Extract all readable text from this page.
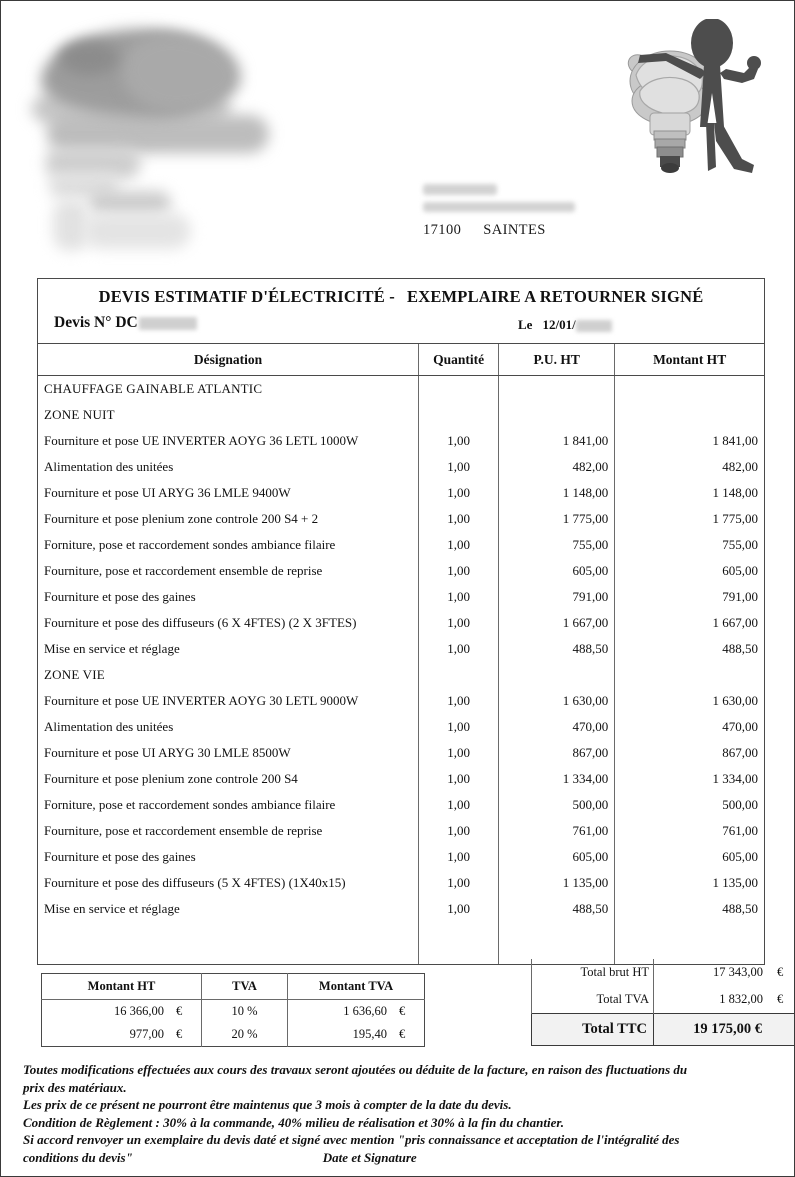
17100 SAINTES
DEVIS ESTIMATIF D'ÉLECTRICITÉ - EXEMPLAIRE A RETOURNER SIGNÉ
Devis N° DC	Le 12/01/
Désignation	Quantité	P.U. HT	Montant HT
CHAUFFAGE GAINABLE ATLANTIC			
ZONE NUIT			
Fourniture et pose UE INVERTER AOYG 36 LETL 1000W	1,00	1 841,00	1 841,00
Alimentation des unitées	1,00	482,00	482,00
Fourniture et pose UI ARYG 36 LMLE 9400W	1,00	1 148,00	1 148,00
Fourniture et pose plenium zone controle 200 S4 + 2	1,00	1 775,00	1 775,00
Forniture, pose et raccordement sondes ambiance filaire	1,00	755,00	755,00
Fourniture, pose et raccordement ensemble de reprise	1,00	605,00	605,00
Fourniture et pose des gaines	1,00	791,00	791,00
Fourniture et pose des diffuseurs (6 X 4FTES) (2 X 3FTES)	1,00	1 667,00	1 667,00
Mise en service et réglage	1,00	488,50	488,50
ZONE VIE			
Fourniture et pose UE INVERTER AOYG 30 LETL 9000W	1,00	1 630,00	1 630,00
Alimentation des unitées	1,00	470,00	470,00
Fourniture et pose UI ARYG 30 LMLE 8500W	1,00	867,00	867,00
Fourniture et pose plenium zone controle 200 S4	1,00	1 334,00	1 334,00
Forniture, pose et raccordement sondes ambiance filaire	1,00	500,00	500,00
Fourniture, pose et raccordement ensemble de reprise	1,00	761,00	761,00
Fourniture et pose des gaines	1,00	605,00	605,00
Fourniture et pose des diffuseurs (5 X 4FTES) (1X40x15)	1,00	1 135,00	1 135,00
Mise en service et réglage	1,00	488,50	488,50

Montant HT	TVA	Montant TVA
16 366,00 €	10 %	1 636,60 €
977,00 €	20 %	195,40 €
Total brut HT	17 343,00 €
Total TVA	1 832,00 €
Total TTC	19 175,00 €

Toutes modifications effectuées aux cours des travaux seront ajoutées ou déduite de la facture, en raison des fluctuations du

prix des matériaux.

Les prix de ce présent ne pourront être maintenus que 3 mois à compter de la date du devis.

Condition de Règlement : 30% à la commande, 40% milieu de réalisation et 30% à la fin du chantier.

Si accord renvoyer un exemplaire du devis daté et signé avec mention "pris connaissance et acceptation de l'intégralité des

conditions du devis"	Date et Signature
